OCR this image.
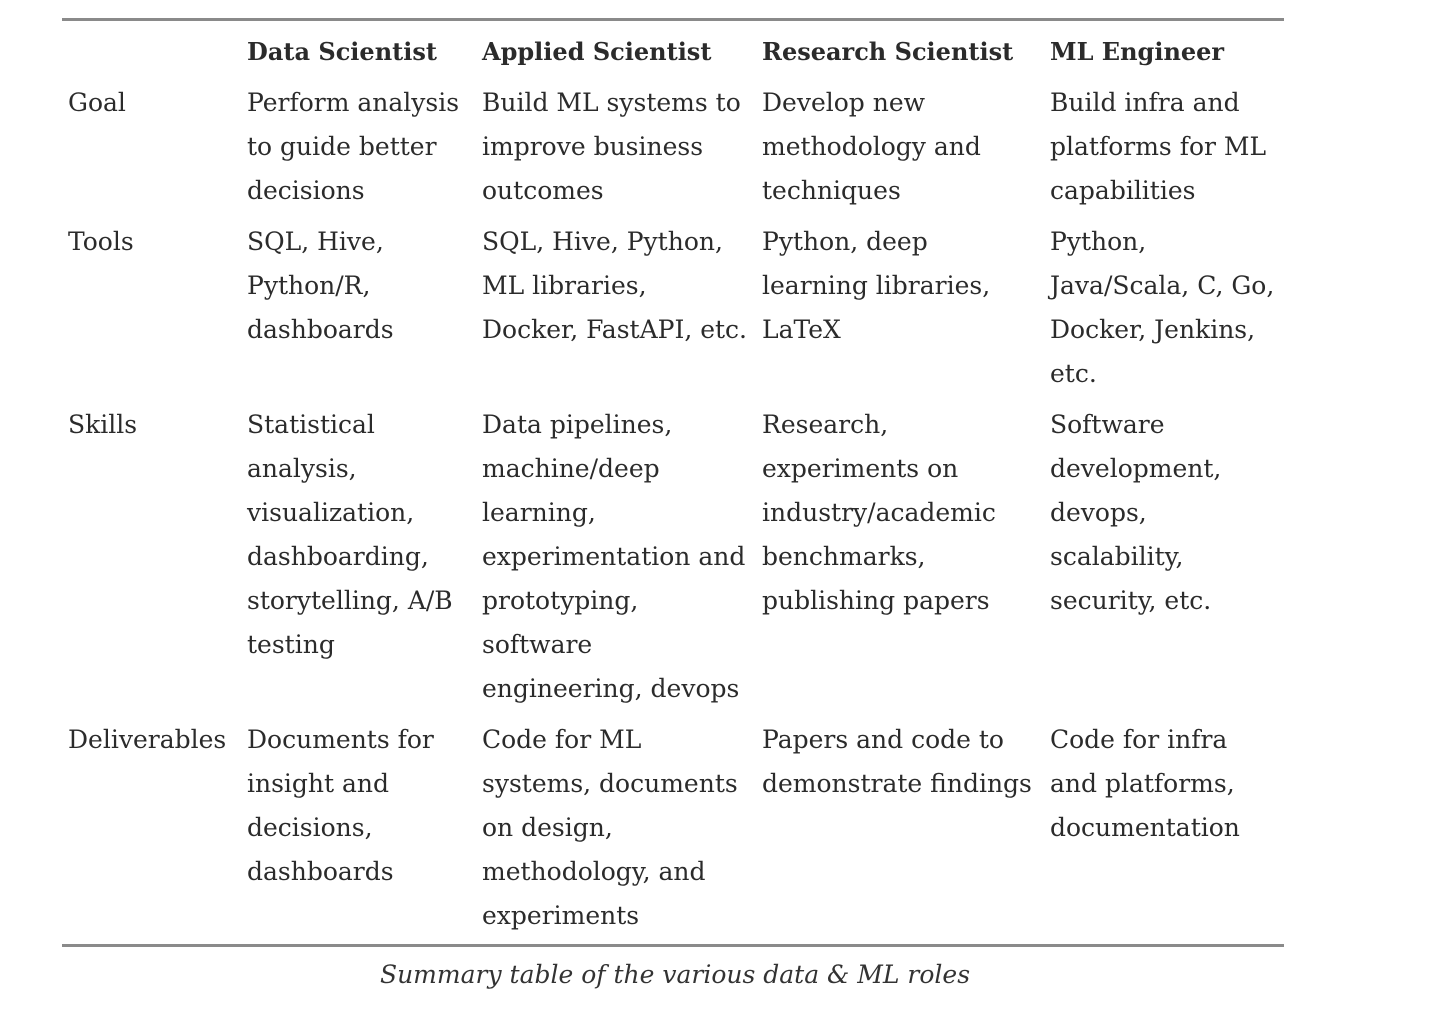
	Data Scientist	Applied Scientist	Research Scientist	ML Engineer
Goal	Perform analysis to guide better decisions	Build ML systems to improve business outcomes	Develop new methodology and techniques	Build infra and platforms for ML capabilities
Tools	SQL, Hive, Python/R, dashboards	SQL, Hive, Python, ML libraries, Docker, FastAPI, etc.	Python, deep learning libraries, LaTeX	Python, Java/Scala, C, Go, Docker, Jenkins, etc.
Skills	Statistical analysis, visualization, dashboarding, storytelling, A/B testing	Data pipelines, machine/deep learning, experimentation and prototyping, software engineering, devops	Research, experiments on industry/academic benchmarks, publishing papers	Software development, devops, scalability, security, etc.
Deliverables	Documents for insight and decisions, dashboards	Code for ML systems, documents on design, methodology, and experiments	Papers and code to demonstrate findings	Code for infra and platforms, documentation
Summary table of the various data & ML roles
